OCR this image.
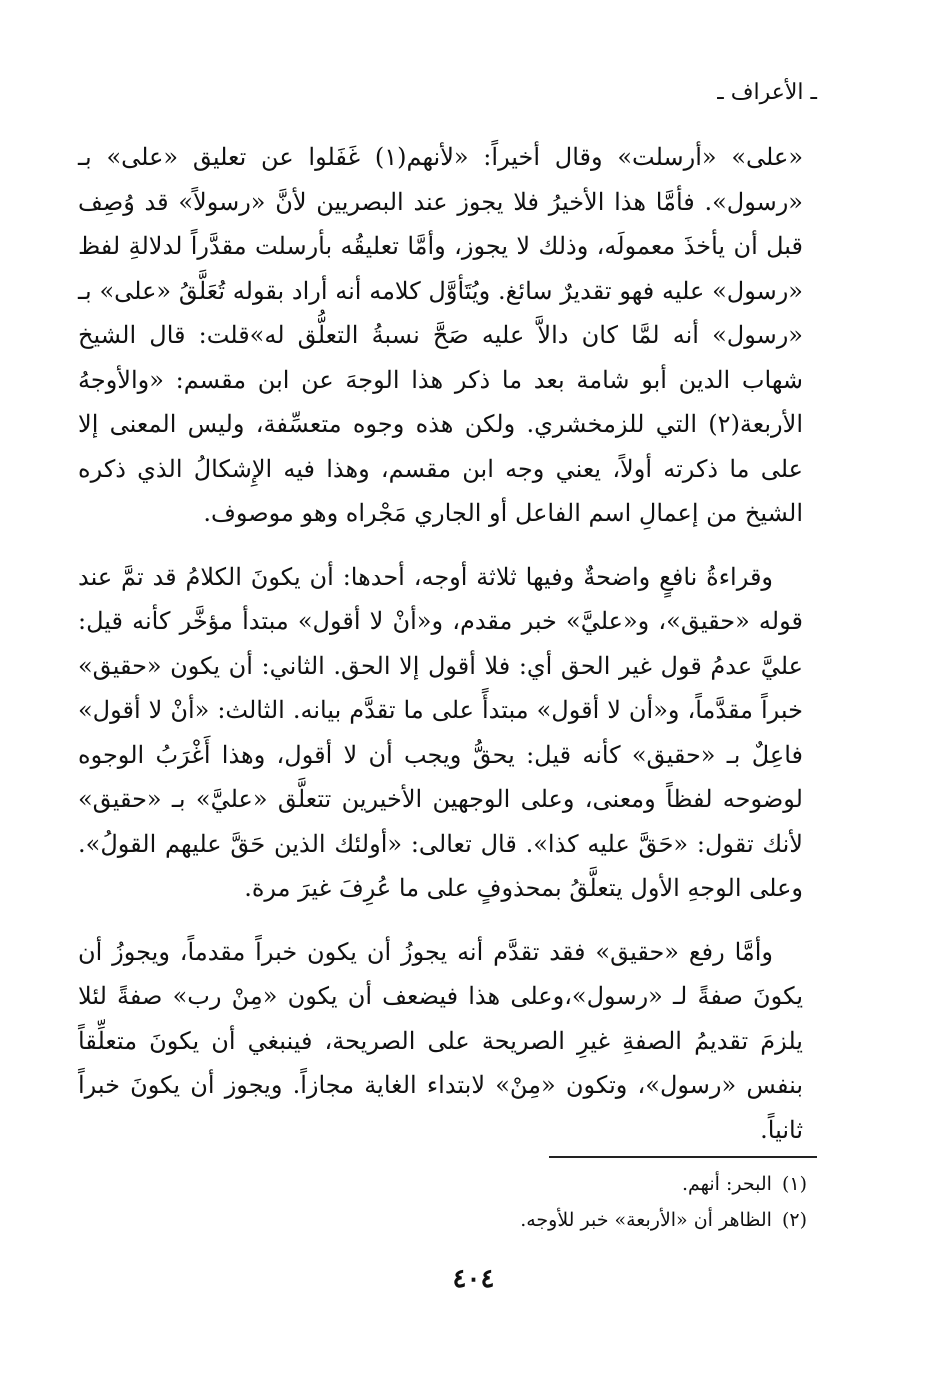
ـ الأعراف ـ

«على» «أرسلت» وقال أخيراً: «لأنهم(١) غَفَلوا عن تعليق «على» بـ «رسول». فأمَّا هذا الأخيرُ فلا يجوز عند البصريين لأنَّ «رسولاً» قد وُصِف قبل أن يأخذَ معمولَه، وذلك لا يجوز، وأمَّا تعليقُه بأرسلت مقدَّراً لدلالةِ لفظ «رسول» عليه فهو تقديرٌ سائغ. ويُتَأوَّل كلامه أنه أراد بقوله تُعَلَّقُ «على» بـ «رسول» أنه لمَّا كان دالاَّ عليه صَحَّ نسبةُ التعلُّق له»قلت: قال الشيخ شهاب الدين أبو شامة بعد ما ذكر هذا الوجهَ عن ابن مقسم: «والأوجهُ الأربعة(٢) التي للزمخشري. ولكن هذه وجوه متعسِّفة، وليس المعنى إلا على ما ذكرته أولاً، يعني وجه ابن مقسم، وهذا فيه الإِشكالُ الذي ذكره الشيخ من إعمالِ اسم الفاعل أو الجاري مَجْراه وهو موصوف.

وقراءةُ نافعٍ واضحةٌ وفيها ثلاثة أوجه، أحدها: أن يكونَ الكلامُ قد تمَّ عند قوله «حقيق»، و«عليَّ» خبر مقدم، و«أنْ لا أقول» مبتدأ مؤخَّر كأنه قيل: عليَّ عدمُ قول غير الحق أي: فلا أقول إلا الحق. الثاني: أن يكون «حقيق» خبراً مقدَّماً، و«أن لا أقول» مبتدأً على ما تقدَّم بيانه. الثالث: «أنْ لا أقول» فاعِلٌ بـ «حقيق» كأنه قيل: يحقُّ ويجب أن لا أقول، وهذا أَغْرَبُ الوجوه لوضوحه لفظاً ومعنى، وعلى الوجهين الأخيرين تتعلَّق «عليَّ» بـ «حقيق» لأنك تقول: «حَقَّ عليه كذا». قال تعالى: «أولئك الذين حَقَّ عليهم القولُ». وعلى الوجهِ الأول يتعلَّقُ بمحذوفٍ على ما عُرِفَ غيرَ مرة.

وأمَّا رفع «حقيق» فقد تقدَّم أنه يجوزُ أن يكون خبراً مقدماً، ويجوزُ أن يكونَ صفةً لـ «رسول»،وعلى هذا فيضعف أن يكون «مِنْ رب» صفةً لئلا يلزمَ تقديمُ الصفةِ غيرِ الصريحة على الصريحة، فينبغي أن يكونَ متعلِّقاً بنفس «رسول»، وتكون «مِنْ» لابتداء الغاية مجازاً. ويجوز أن يكونَ خبراً ثانياً.

(١)البحر: أنهم.
(٢)الظاهر أن «الأربعة» خبر للأوجه.
٤٠٤
